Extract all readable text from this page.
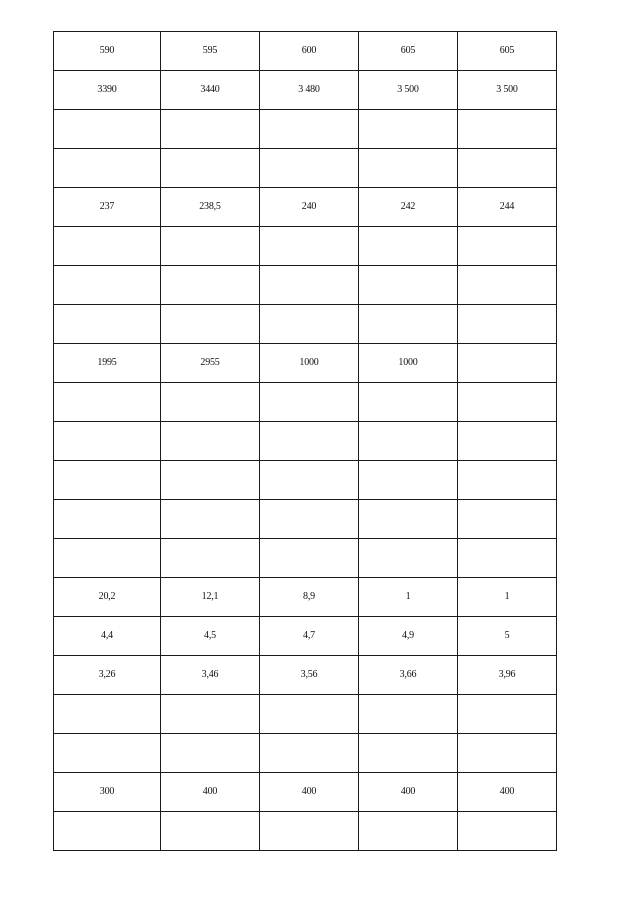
590	595	600	605	605
3390	3440	3 480	3 500	3 500

237	238,5	240	242	244

1995	2955	1000	1000	

20,2	12,1	8,9	1	1
4,4	4,5	4,7	4,9	5
3,26	3,46	3,56	3,66	3,96

300	400	400	400	400
